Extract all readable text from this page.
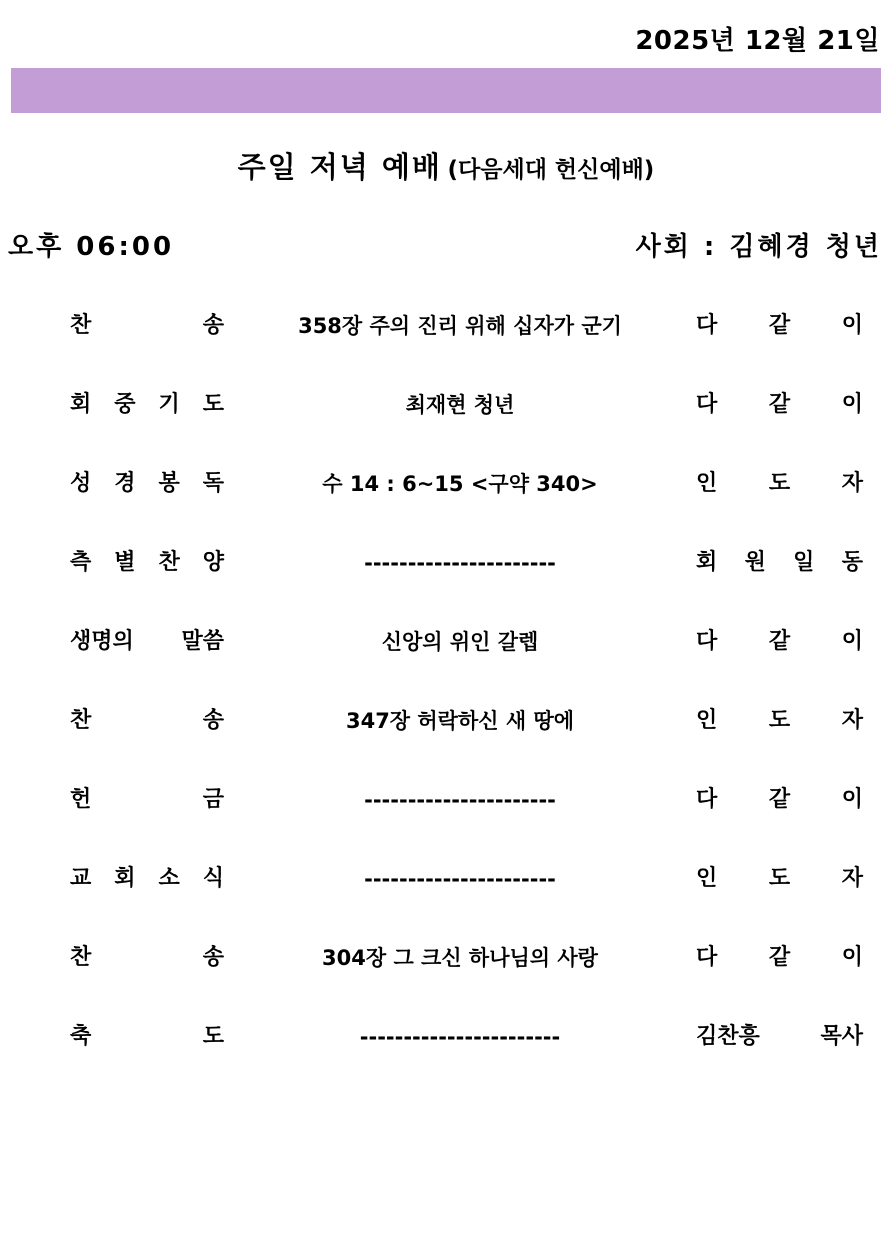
2025년 12월 21일
주일 저녁 예배 (다음세대 헌신예배)
오후 06:00	사회 : 김혜경 청년
찬 송	358장 주의 진리 위해 십자가 군기	다 같 이
회 중 기 도	최재현 청년	다 같 이
성 경 봉 독	수 14 : 6~15 <구약 340>	인 도 자
측 별 찬 양	----------------------	회 원 일 동
생명의 말씀	신앙의 위인 갈렙	다 같 이
찬 송	347장 허락하신 새 땅에	인 도 자
헌 금	----------------------	다 같 이
교 회 소 식	----------------------	인 도 자
찬 송	304장 그 크신 하나님의 사랑	다 같 이
축 도	-----------------------	김찬흥 목사
